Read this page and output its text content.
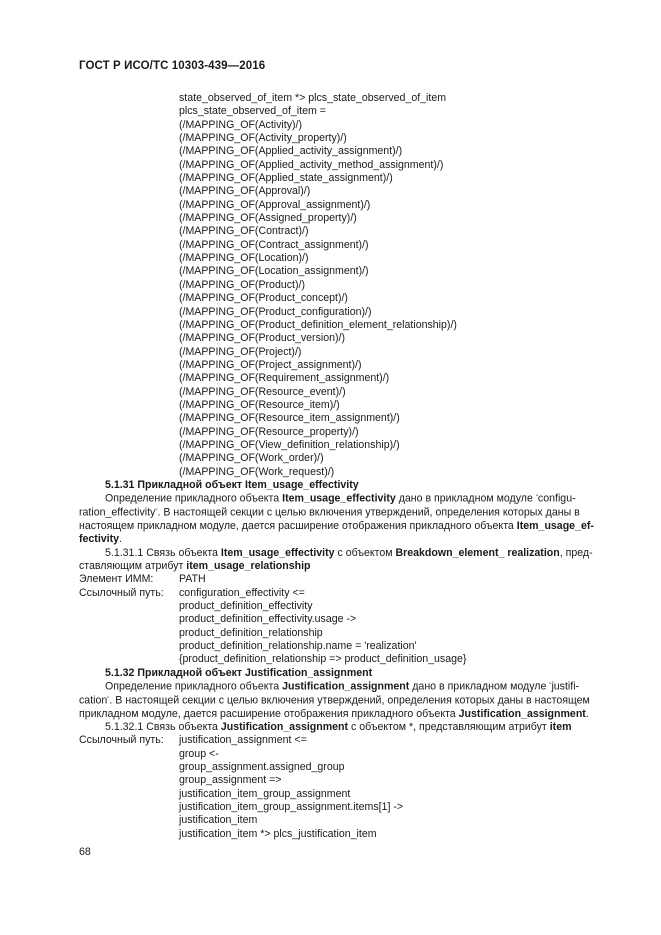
ГОСТ Р ИСО/ТС 10303-439—2016
state_observed_of_item *> plcs_state_observed_of_item
plcs_state_observed_of_item =
(/MAPPING_OF(Activity)/)
(/MAPPING_OF(Activity_property)/)
(/MAPPING_OF(Applied_activity_assignment)/)
(/MAPPING_OF(Applied_activity_method_assignment)/)
(/MAPPING_OF(Applied_state_assignment)/)
(/MAPPING_OF(Approval)/)
(/MAPPING_OF(Approval_assignment)/)
(/MAPPING_OF(Assigned_property)/)
(/MAPPING_OF(Contract)/)
(/MAPPING_OF(Contract_assignment)/)
(/MAPPING_OF(Location)/)
(/MAPPING_OF(Location_assignment)/)
(/MAPPING_OF(Product)/)
(/MAPPING_OF(Product_concept)/)
(/MAPPING_OF(Product_configuration)/)
(/MAPPING_OF(Product_definition_element_relationship)/)
(/MAPPING_OF(Product_version)/)
(/MAPPING_OF(Project)/)
(/MAPPING_OF(Project_assignment)/)
(/MAPPING_OF(Requirement_assignment)/)
(/MAPPING_OF(Resource_event)/)
(/MAPPING_OF(Resource_item)/)
(/MAPPING_OF(Resource_item_assignment)/)
(/MAPPING_OF(Resource_property)/)
(/MAPPING_OF(View_definition_relationship)/)
(/MAPPING_OF(Work_order)/)
(/MAPPING_OF(Work_request)/)
5.1.31 Прикладной объект Item_usage_effectivity
Определение прикладного объекта Item_usage_effectivity дано в прикладном модуле "configu-
ration_effectivity". В настоящей секции с целью включения утверждений, определения которых даны в
настоящем прикладном модуле, дается расширение отображения прикладного объекта Item_usage_ef-
fectivity.
5.1.31.1 Связь объекта Item_usage_effectivity с объектом Breakdown_element_ realization, пред-
ставляющим атрибут item_usage_relationship
Элемент ИММ:	PATH
Ссылочный путь:	configuration_effectivity <=
product_definition_effectivity
product_definition_effectivity.usage ->
product_definition_relationship
product_definition_relationship.name = 'realization'
{product_definition_relationship => product_definition_usage}
5.1.32 Прикладной объект Justification_assignment
Определение прикладного объекта Justification_assignment дано в прикладном модуле "justifi-
cation". В настоящей секции с целью включения утверждений, определения которых даны в настоящем
прикладном модуле, дается расширение отображения прикладного объекта Justification_assignment.
5.1.32.1 Связь объекта Justification_assignment с объектом *, представляющим атрибут item
Ссылочный путь:	justification_assignment <=
group <-
group_assignment.assigned_group
group_assignment =>
justification_item_group_assignment
justification_item_group_assignment.items[1] ->
justification_item
justification_item *> plcs_justification_item
68
